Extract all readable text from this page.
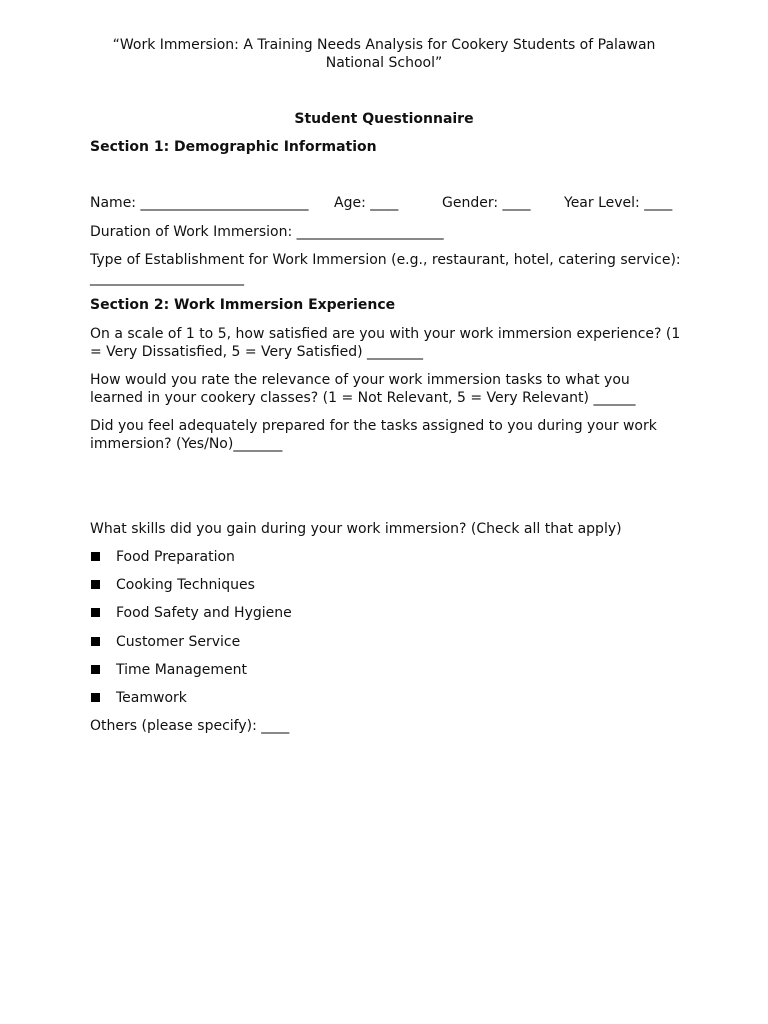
“Work Immersion: A Training Needs Analysis for Cookery Students of Palawan
National School”
Student Questionnaire
Section 1: Demographic Information
Name: ________________________ Age: ____	Gender: ____ Year Level: ____
Duration of Work Immersion: _____________________
Type of Establishment for Work Immersion (e.g., restaurant, hotel, catering service):
______________________
Section 2: Work Immersion Experience
On a scale of 1 to 5, how satisfied are you with your work immersion experience? (1
= Very Dissatisfied, 5 = Very Satisfied) ________
How would you rate the relevance of your work immersion tasks to what you
learned in your cookery classes? (1 = Not Relevant, 5 = Very Relevant) ______
Did you feel adequately prepared for the tasks assigned to you during your work
immersion? (Yes/No)_______
What skills did you gain during your work immersion? (Check all that apply)
Food Preparation
Cooking Techniques
Food Safety and Hygiene
Customer Service
Time Management
Teamwork
Others (please specify): ____
